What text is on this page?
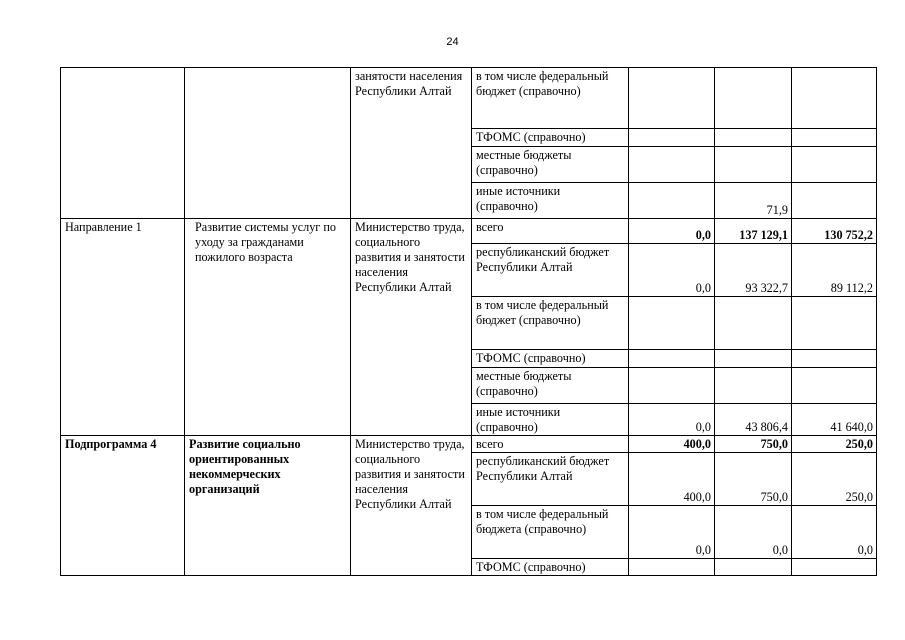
24
		занятости населения Республики Алтай	в том числе федеральный бюджет (справочно)			
			ТФОМС (справочно)			
			местные бюджеты (справочно)			
			иные источники (справочно)		71,9	
Направление 1	Развитие системы услуг по уходу за гражданами пожилого возраста	Министерство труда, социального развития и занятости населения Республики Алтай	всего	0,0	137 129,1	130 752,2
			республиканский бюджет Республики Алтай	0,0	93 322,7	89 112,2
			в том числе федеральный бюджет (справочно)			
			ТФОМС (справочно)			
			местные бюджеты (справочно)			
			иные источники (справочно)	0,0	43 806,4	41 640,0
Подпрограмма 4	Развитие социально ориентированных некоммерческих организаций	Министерство труда, социального развития и занятости населения Республики Алтай	всего	400,0	750,0	250,0
			республиканский бюджет Республики Алтай	400,0	750,0	250,0
			в том числе федеральный бюджета (справочно)	0,0	0,0	0,0
			ТФОМС (справочно)			
